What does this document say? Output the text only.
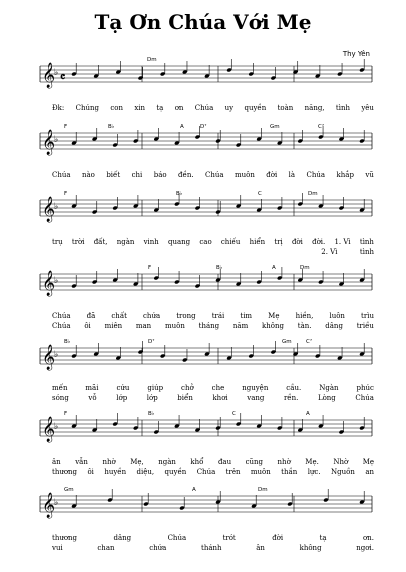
Tạ Ơn Chúa Với Mẹ
Thy Yên
𝄞
♭ 𝄴
Dm
Đk: Chúng con xin tạ ơn Chúa uy quyền toàn năng, tình yêu
𝄞
♭
F	B♭	A	D⁷	Gm	C⁷
Chúa nào biết chi báo đền. Chúa muôn đời là Chúa khắp vũ
𝄞
♭
F	B♭	C	Dm
trụ trời đất, ngàn vinh quang cao chiếu hiển trị đời đời. 1. Vì tình
2. Vì	tình
𝄞
♭
F	B♭	A	Dm
Chúa đã chất chứa trong trái tim Mẹ hiền, luôn trìu
Chúa ôi miên man muôn tháng năm không tàn. dâng triều
𝄞
♭
B♭	D⁷	Gm	C⁷
mến	mãi	cứu	giúp	chở	che	nguyện	cầu.	Ngàn	phúc
sóng	vỗ	lớp	lớp	biển	khơi	vang	rền.	Lòng	Chúa
𝄞
♭
F	B♭	C	A
ân vẫn nhờ Mẹ, ngàn khổ đau cũng nhờ Mẹ. Nhờ Mẹ
thương ôi huyền diệu, quyền Chúa trên muôn thần lực. Nguồn an
𝄞
♭
Gm	A	Dm
thương	dâng	Chúa	trót	đời	tạ	ơn.
vui	chan	chứa	thánh	ân	không	ngơi.
